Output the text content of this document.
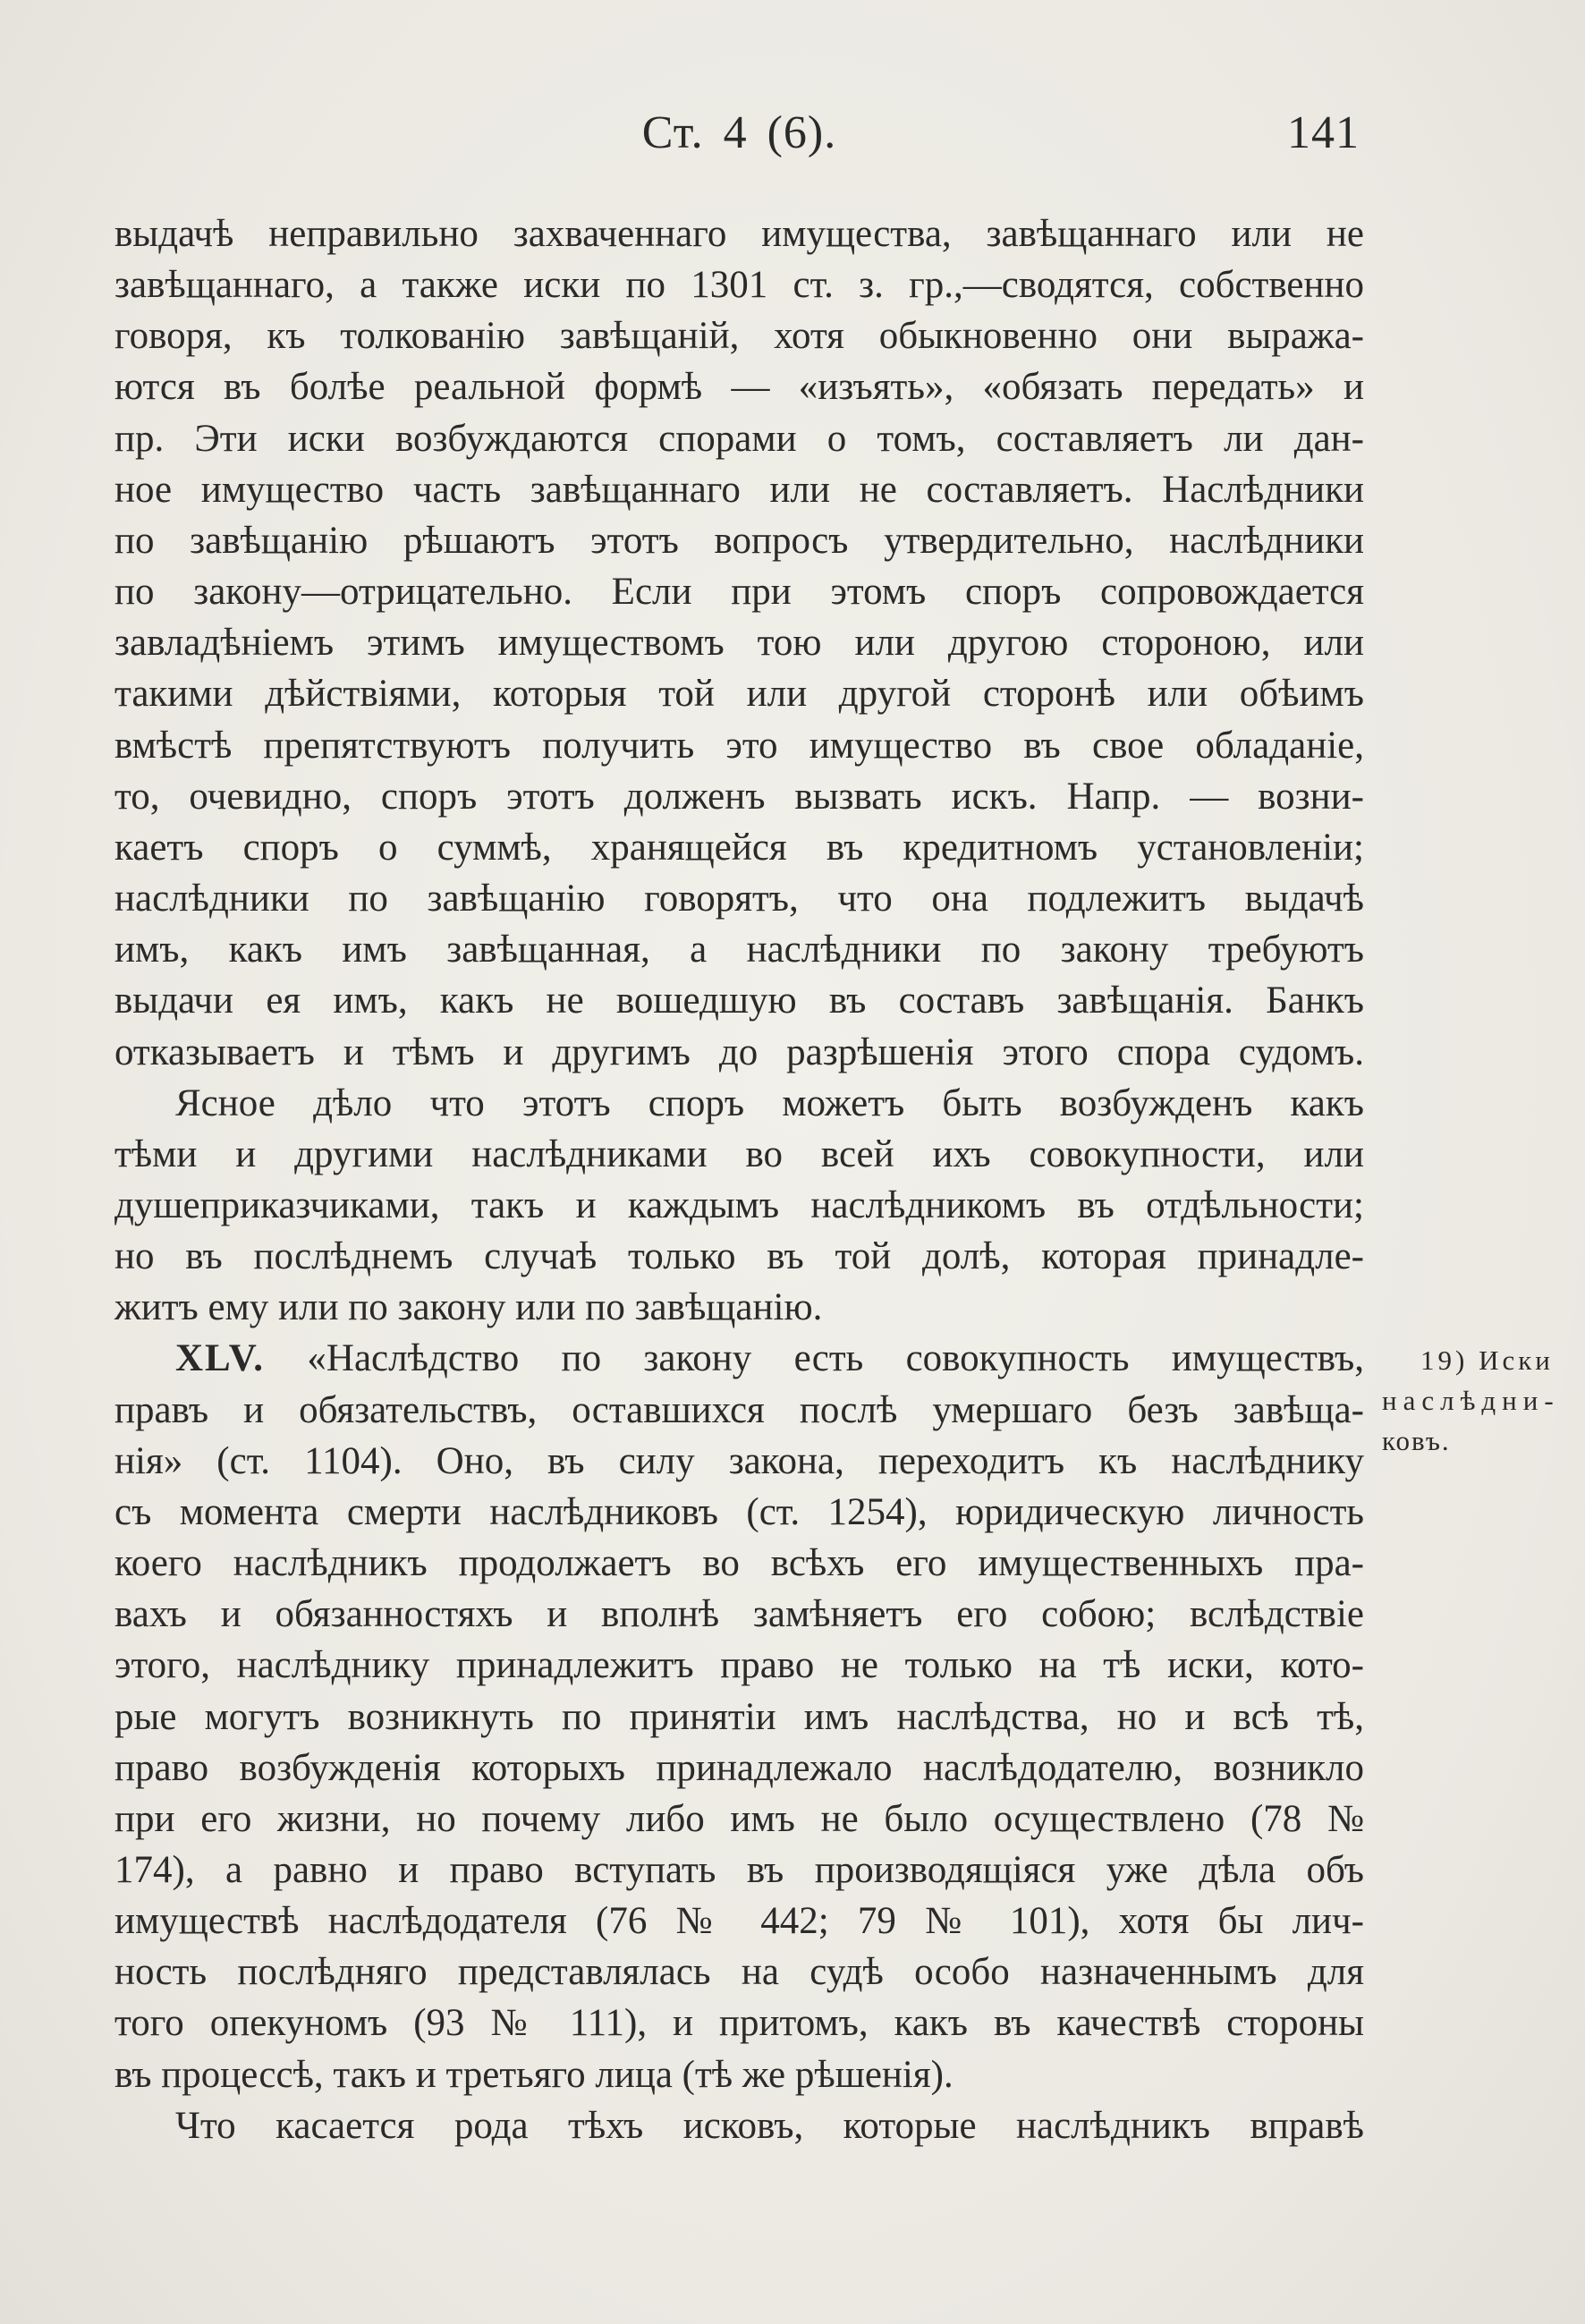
Ст. 4 (6).	141
выдачѣ неправильно захваченнаго имущества, завѣщаннаго или не
завѣщаннаго, а также иски по 1301 ст. з. гр.,—сводятся, собственно
говоря, къ толкованію завѣщаній, хотя обыкновенно они выража-
ются въ болѣе реальной формѣ — «изъять», «обязать передать» и
пр. Эти иски возбуждаются спорами о томъ, составляетъ ли дан-
ное имущество часть завѣщаннаго или не составляетъ. Наслѣдники
по завѣщанію рѣшаютъ этотъ вопросъ утвердительно, наслѣдники
по закону—отрицательно. Если при этомъ споръ сопровождается
завладѣніемъ этимъ имуществомъ тою или другою стороною, или
такими дѣйствіями, которыя той или другой сторонѣ или обѣимъ
вмѣстѣ препятствуютъ получить это имущество въ свое обладаніе,
то, очевидно, споръ этотъ долженъ вызвать искъ. Напр. — возни-
каетъ споръ о суммѣ, хранящейся въ кредитномъ установленіи;
наслѣдники по завѣщанію говорятъ, что она подлежитъ выдачѣ
имъ, какъ имъ завѣщанная, а наслѣдники по закону требуютъ
выдачи ея имъ, какъ не вошедшую въ составъ завѣщанія. Банкъ
отказываетъ и тѣмъ и другимъ до разрѣшенія этого спора судомъ.
Ясное дѣло что этотъ споръ можетъ быть возбужденъ какъ
тѣми и другими наслѣдниками во всей ихъ совокупности, или
душеприказчиками, такъ и каждымъ наслѣдникомъ въ отдѣльности;
но въ послѣднемъ случаѣ только въ той долѣ, которая принадле-
житъ ему или по закону или по завѣщанію.
XLV. «Наслѣдство по закону есть совокупность имуществъ,
правъ и обязательствъ, оставшихся послѣ умершаго безъ завѣща-
нія» (ст. 1104). Оно, въ силу закона, переходитъ къ наслѣднику
съ момента смерти наслѣдниковъ (ст. 1254), юридическую личность
коего наслѣдникъ продолжаетъ во всѣхъ его имущественныхъ пра-
вахъ и обязанностяхъ и вполнѣ замѣняетъ его собою; вслѣдствіе
этого, наслѣднику принадлежитъ право не только на тѣ иски, кото-
рые могутъ возникнуть по принятіи имъ наслѣдства, но и всѣ тѣ,
право возбужденія которыхъ принадлежало наслѣдодателю, возникло
при его жизни, но почему либо имъ не было осуществлено (78 №
174), а равно и право вступать въ производящіяся уже дѣла объ
имуществѣ наслѣдодателя (76 № 442; 79 № 101), хотя бы лич-
ность послѣдняго представлялась на судѣ особо назначеннымъ для
того опекуномъ (93 № 111), и притомъ, какъ въ качествѣ стороны
въ процессѣ, такъ и третьяго лица (тѣ же рѣшенія).
Что касается рода тѣхъ исковъ, которые наслѣдникъ вправѣ
19) Иски
наслѣдни-
ковъ.
